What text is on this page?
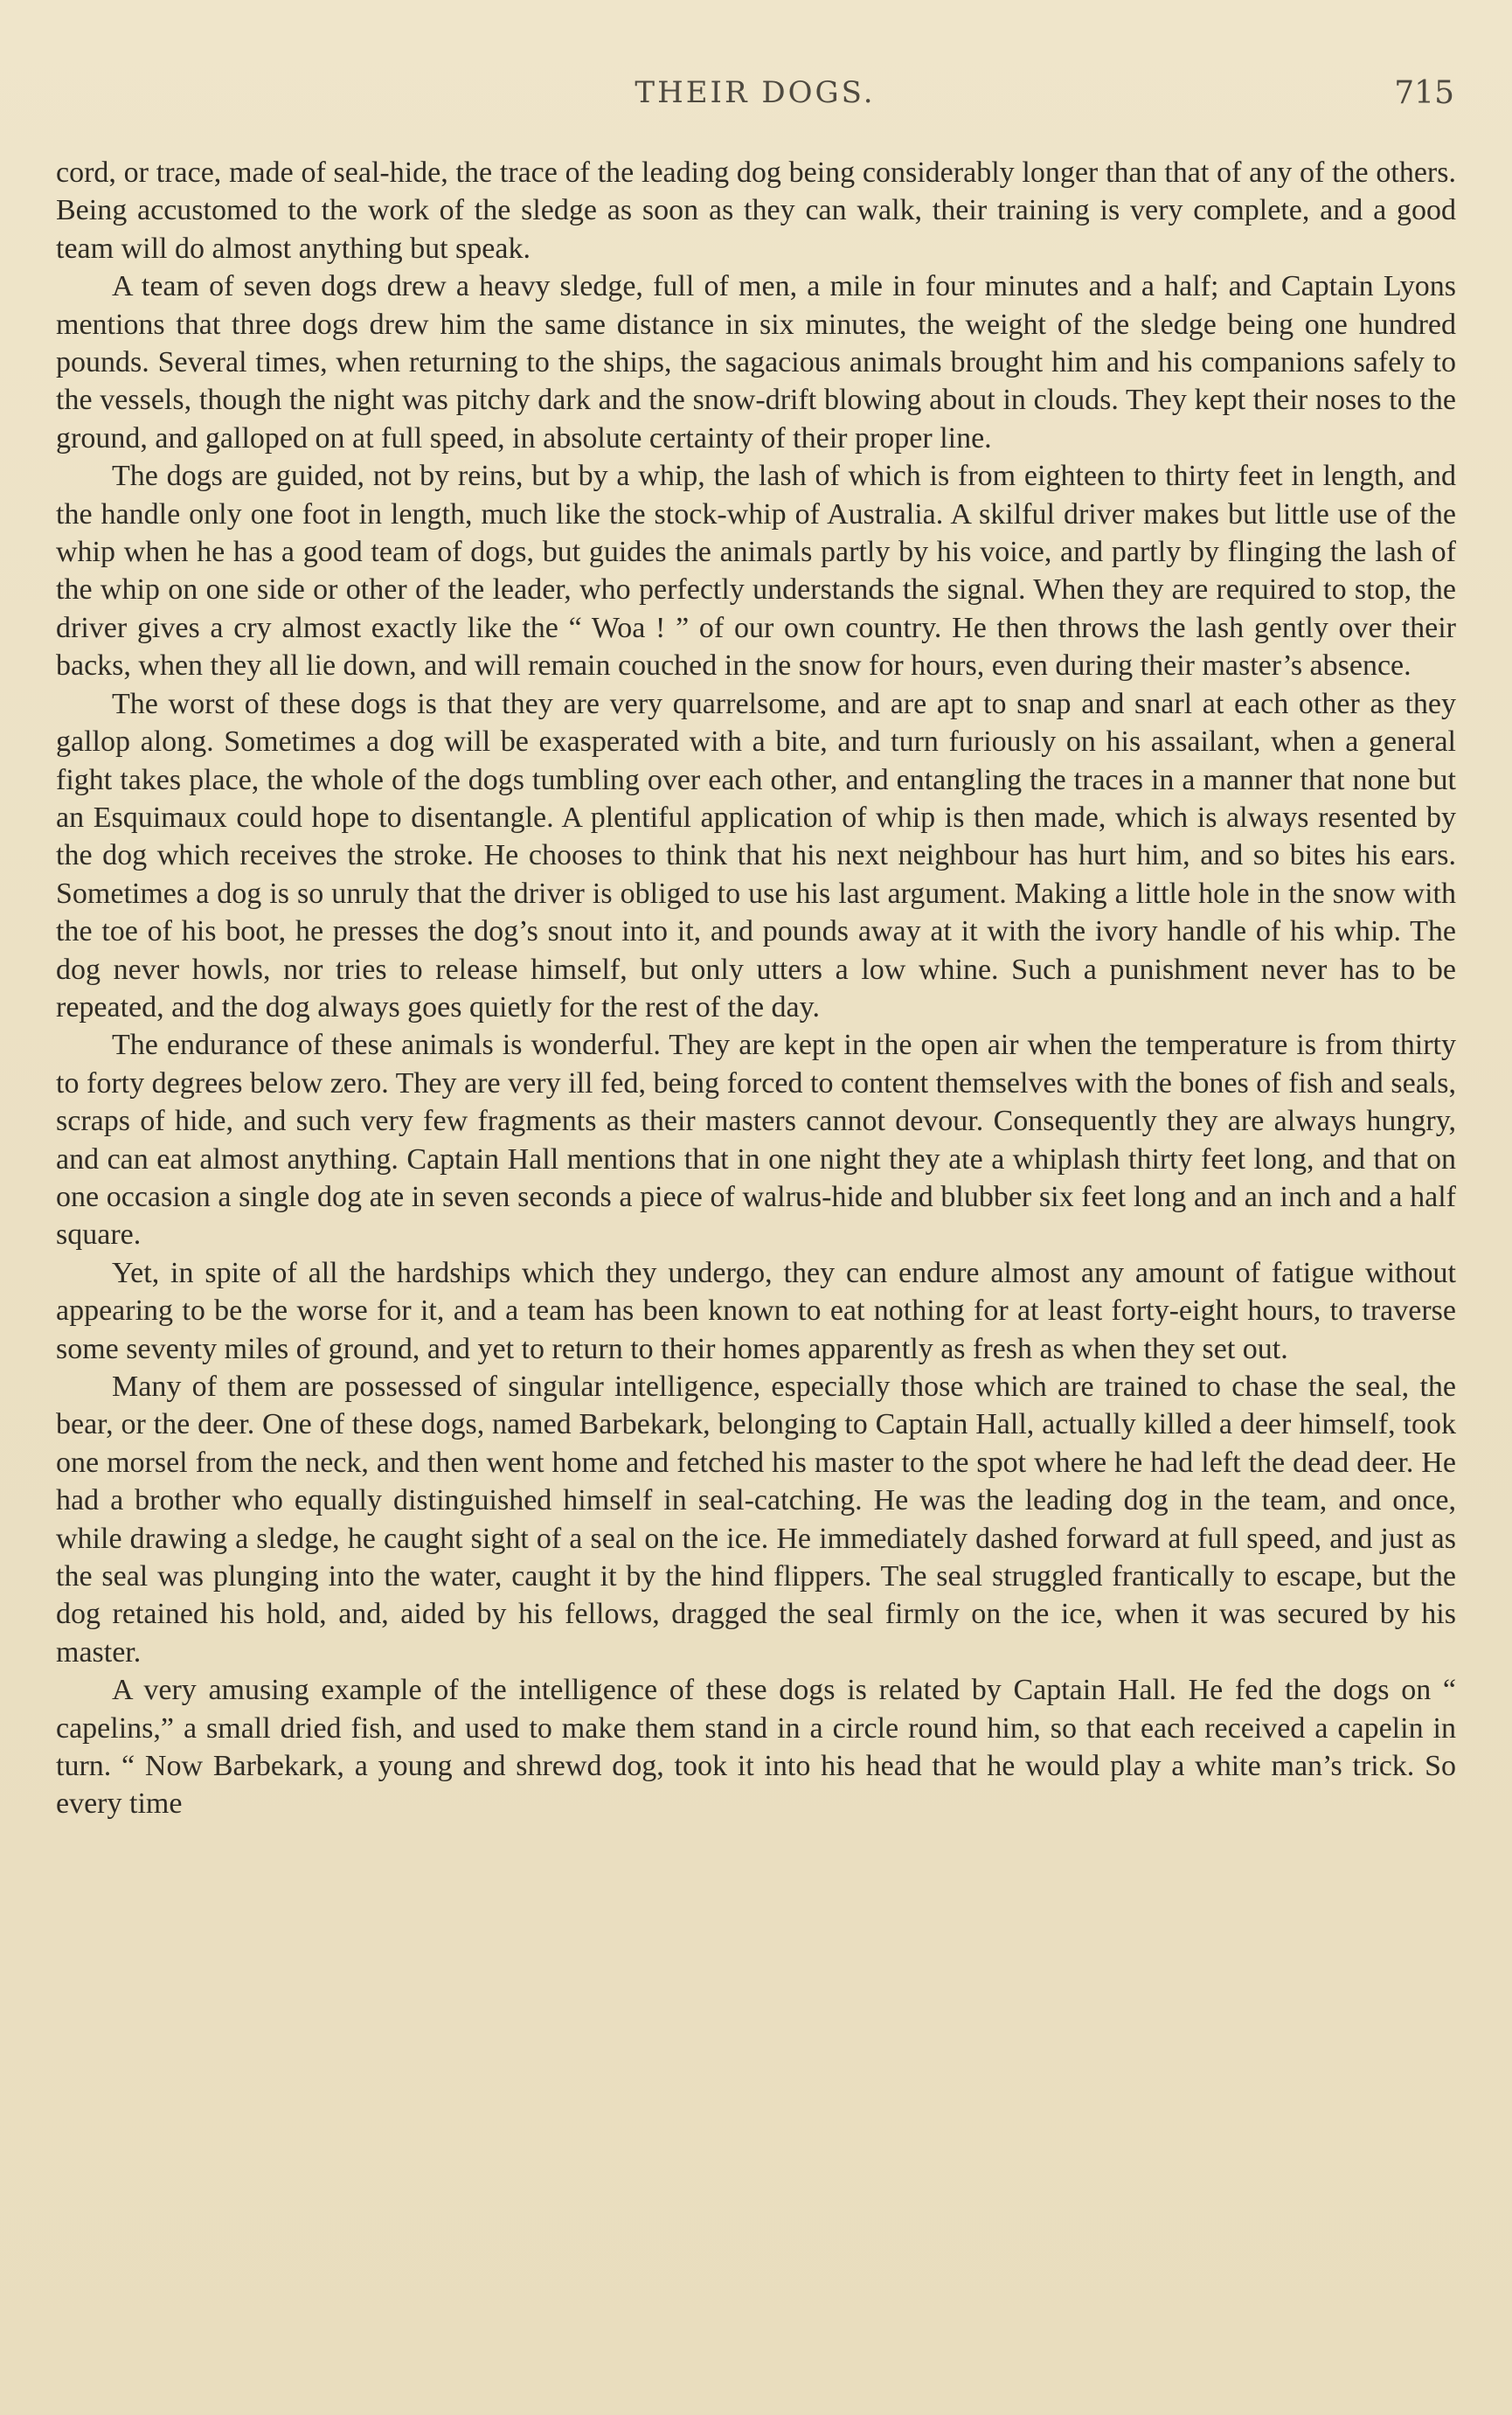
THEIR DOGS.	715

cord, or trace, made of seal-hide, the trace of the leading dog being considerably longer than that of any of the others. Being accustomed to the work of the sledge as soon as they can walk, their training is very complete, and a good team will do almost anything but speak.

A team of seven dogs drew a heavy sledge, full of men, a mile in four minutes and a half; and Captain Lyons mentions that three dogs drew him the same distance in six minutes, the weight of the sledge being one hundred pounds. Several times, when returning to the ships, the sagacious animals brought him and his companions safely to the vessels, though the night was pitchy dark and the snow-drift blowing about in clouds. They kept their noses to the ground, and galloped on at full speed, in absolute certainty of their proper line.

The dogs are guided, not by reins, but by a whip, the lash of which is from eighteen to thirty feet in length, and the handle only one foot in length, much like the stock-whip of Australia. A skilful driver makes but little use of the whip when he has a good team of dogs, but guides the animals partly by his voice, and partly by flinging the lash of the whip on one side or other of the leader, who perfectly understands the signal. When they are required to stop, the driver gives a cry almost exactly like the “ Woa ! ” of our own country. He then throws the lash gently over their backs, when they all lie down, and will remain couched in the snow for hours, even during their master’s absence.

The worst of these dogs is that they are very quarrelsome, and are apt to snap and snarl at each other as they gallop along. Sometimes a dog will be exasperated with a bite, and turn furiously on his assailant, when a general fight takes place, the whole of the dogs tumbling over each other, and entangling the traces in a manner that none but an Esquimaux could hope to disentangle. A plentiful application of whip is then made, which is always resented by the dog which receives the stroke. He chooses to think that his next neighbour has hurt him, and so bites his ears. Sometimes a dog is so unruly that the driver is obliged to use his last argument. Making a little hole in the snow with the toe of his boot, he presses the dog’s snout into it, and pounds away at it with the ivory handle of his whip. The dog never howls, nor tries to release himself, but only utters a low whine. Such a punishment never has to be repeated, and the dog always goes quietly for the rest of the day.

The endurance of these animals is wonderful. They are kept in the open air when the temperature is from thirty to forty degrees below zero. They are very ill fed, being forced to content themselves with the bones of fish and seals, scraps of hide, and such very few fragments as their masters cannot devour. Consequently they are always hungry, and can eat almost anything. Captain Hall mentions that in one night they ate a whiplash thirty feet long, and that on one occasion a single dog ate in seven seconds a piece of walrus-hide and blubber six feet long and an inch and a half square.

Yet, in spite of all the hardships which they undergo, they can endure almost any amount of fatigue without appearing to be the worse for it, and a team has been known to eat nothing for at least forty-eight hours, to traverse some seventy miles of ground, and yet to return to their homes apparently as fresh as when they set out.

Many of them are possessed of singular intelligence, especially those which are trained to chase the seal, the bear, or the deer. One of these dogs, named Barbekark, belonging to Captain Hall, actually killed a deer himself, took one morsel from the neck, and then went home and fetched his master to the spot where he had left the dead deer. He had a brother who equally distinguished himself in seal-catching. He was the leading dog in the team, and once, while drawing a sledge, he caught sight of a seal on the ice. He immediately dashed forward at full speed, and just as the seal was plunging into the water, caught it by the hind flippers. The seal struggled frantically to escape, but the dog retained his hold, and, aided by his fellows, dragged the seal firmly on the ice, when it was secured by his master.

A very amusing example of the intelligence of these dogs is related by Captain Hall. He fed the dogs on “ capelins,” a small dried fish, and used to make them stand in a circle round him, so that each received a capelin in turn. “ Now Barbekark, a young and shrewd dog, took it into his head that he would play a white man’s trick. So every time
